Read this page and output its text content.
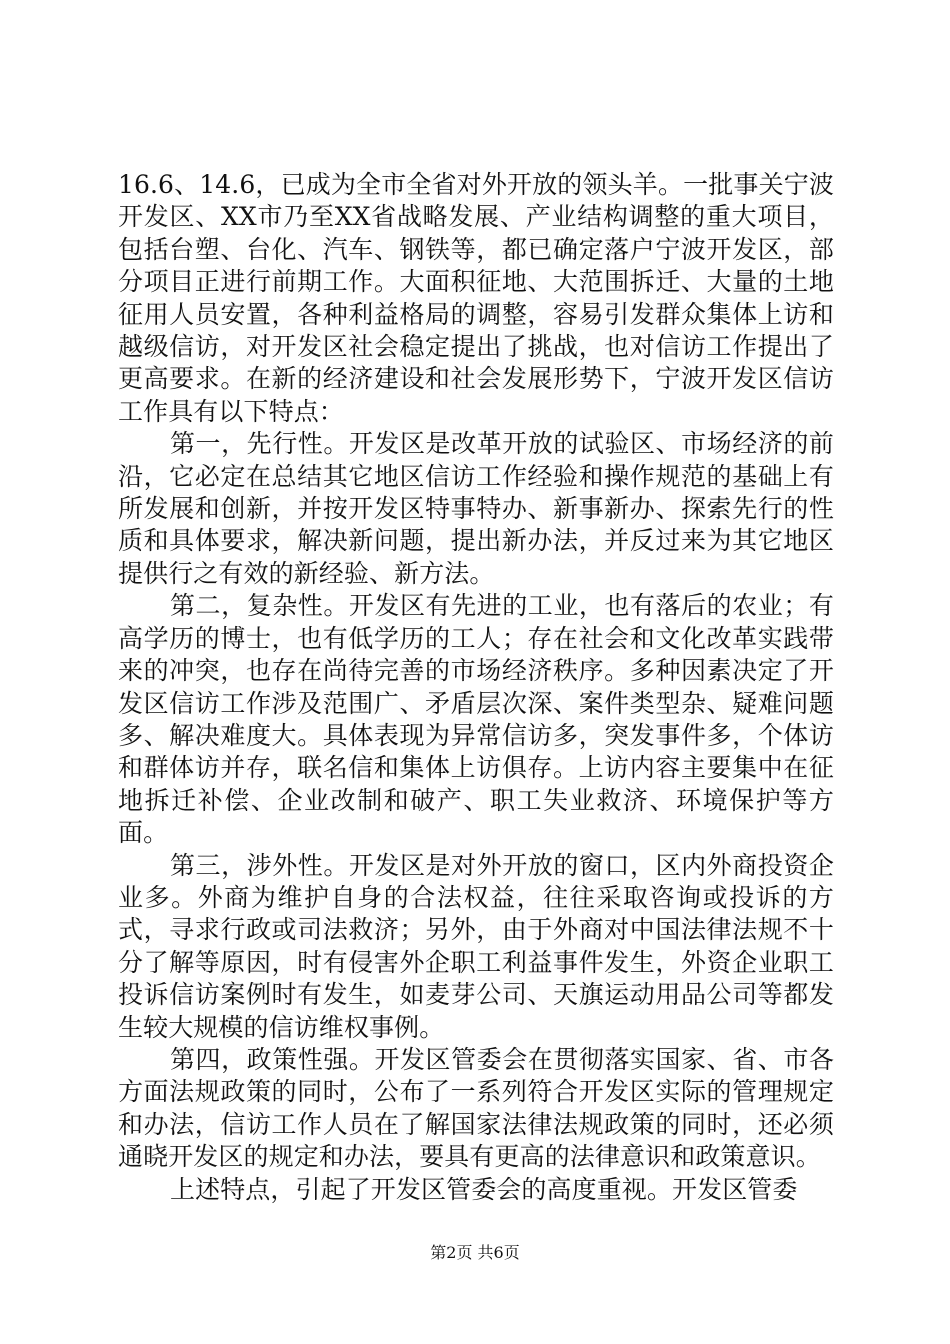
16.6、14.6，已成为全市全省对外开放的领头羊。一批事关宁波开发区、XX市乃至XX省战略发展、产业结构调整的重大项目，包括台塑、台化、汽车、钢铁等，都已确定落户宁波开发区，部分项目正进行前期工作。大面积征地、大范围拆迁、大量的土地征用人员安置，各种利益格局的调整，容易引发群众集体上访和越级信访，对开发区社会稳定提出了挑战，也对信访工作提出了更高要求。在新的经济建设和社会发展形势下，宁波开发区信访工作具有以下特点：

第一，先行性。开发区是改革开放的试验区、市场经济的前沿，它必定在总结其它地区信访工作经验和操作规范的基础上有所发展和创新，并按开发区特事特办、新事新办、探索先行的性质和具体要求，解决新问题，提出新办法，并反过来为其它地区提供行之有效的新经验、新方法。

第二，复杂性。开发区有先进的工业，也有落后的农业；有高学历的博士，也有低学历的工人；存在社会和文化改革实践带来的冲突，也存在尚待完善的市场经济秩序。多种因素决定了开发区信访工作涉及范围广、矛盾层次深、案件类型杂、疑难问题多、解决难度大。具体表现为异常信访多，突发事件多，个体访和群体访并存，联名信和集体上访俱存。上访内容主要集中在征地拆迁补偿、企业改制和破产、职工失业救济、环境保护等方面。

第三，涉外性。开发区是对外开放的窗口，区内外商投资企业多。外商为维护自身的合法权益，往往采取咨询或投诉的方式，寻求行政或司法救济；另外，由于外商对中国法律法规不十分了解等原因，时有侵害外企职工利益事件发生，外资企业职工投诉信访案例时有发生，如麦芽公司、天旗运动用品公司等都发生较大规模的信访维权事例。

第四，政策性强。开发区管委会在贯彻落实国家、省、市各方面法规政策的同时，公布了一系列符合开发区实际的管理规定和办法，信访工作人员在了解国家法律法规政策的同时，还必须通晓开发区的规定和办法，要具有更高的法律意识和政策意识。

上述特点，引起了开发区管委会的高度重视。开发区管委

第2页 共6页
